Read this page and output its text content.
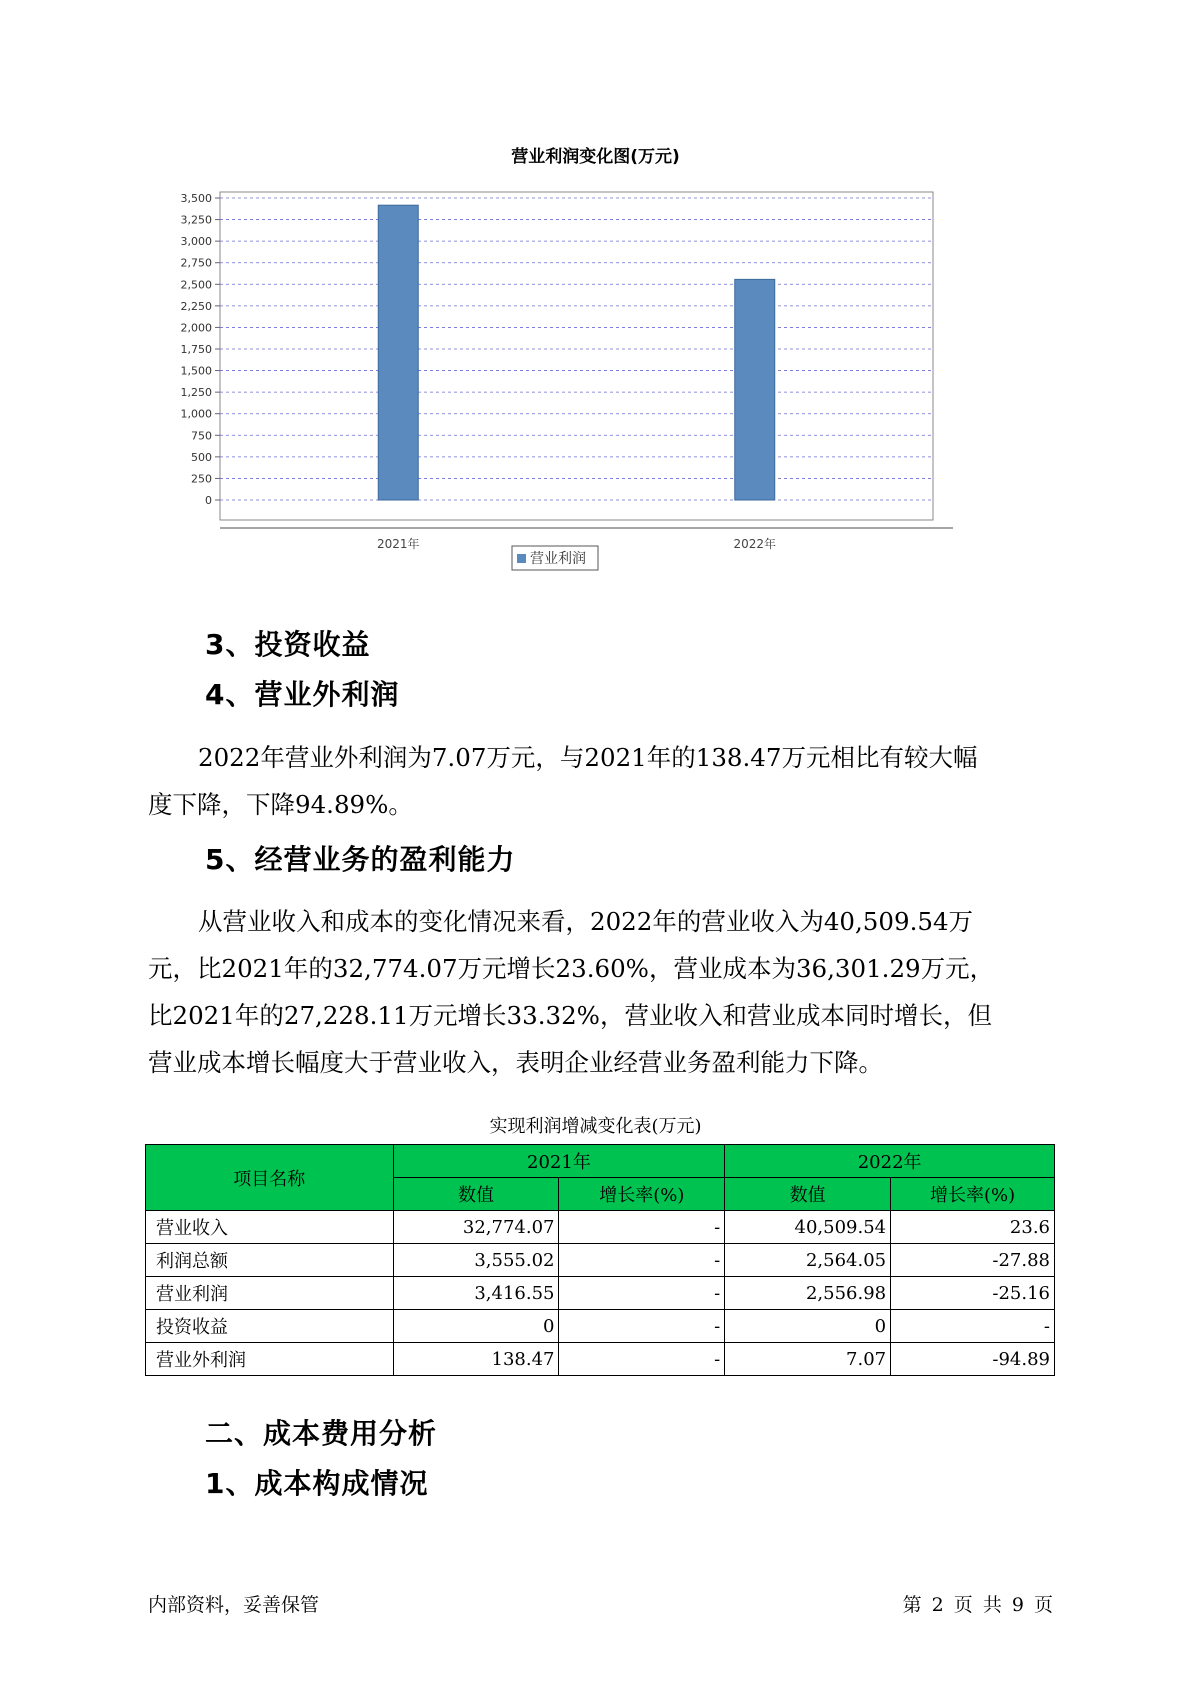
营业利润变化图(万元)
0
250
500
750
1,000
1,250
1,500
1,750
2,000
2,250
2,500
2,750
3,000
3,250
3,500
2021年	2022年
营业利润
3、投资收益
4、营业外利润

2022年营业外利润为7.07万元，与2021年的138.47万元相比有较大幅

度下降，下降94.89%。

5、经营业务的盈利能力

从营业收入和成本的变化情况来看，2022年的营业收入为40,509.54万

元，比2021年的32,774.07万元增长23.60%，营业成本为36,301.29万元，

比2021年的27,228.11万元增长33.32%，营业收入和营业成本同时增长，但

营业成本增长幅度大于营业收入，表明企业经营业务盈利能力下降。

实现利润增减变化表(万元)
项目名称	2021年		2022年	
	数值	增长率(%)	数值	增长率(%)
营业收入	32,774.07	-	40,509.54	23.6
利润总额	3,555.02	-	2,564.05	-27.88
营业利润	3,416.55	-	2,556.98	-25.16
投资收益	0	-	0	-
营业外利润	138.47	-	7.07	-94.89
二、成本费用分析
1、成本构成情况
内部资料，妥善保管	第 2 页 共 9 页
